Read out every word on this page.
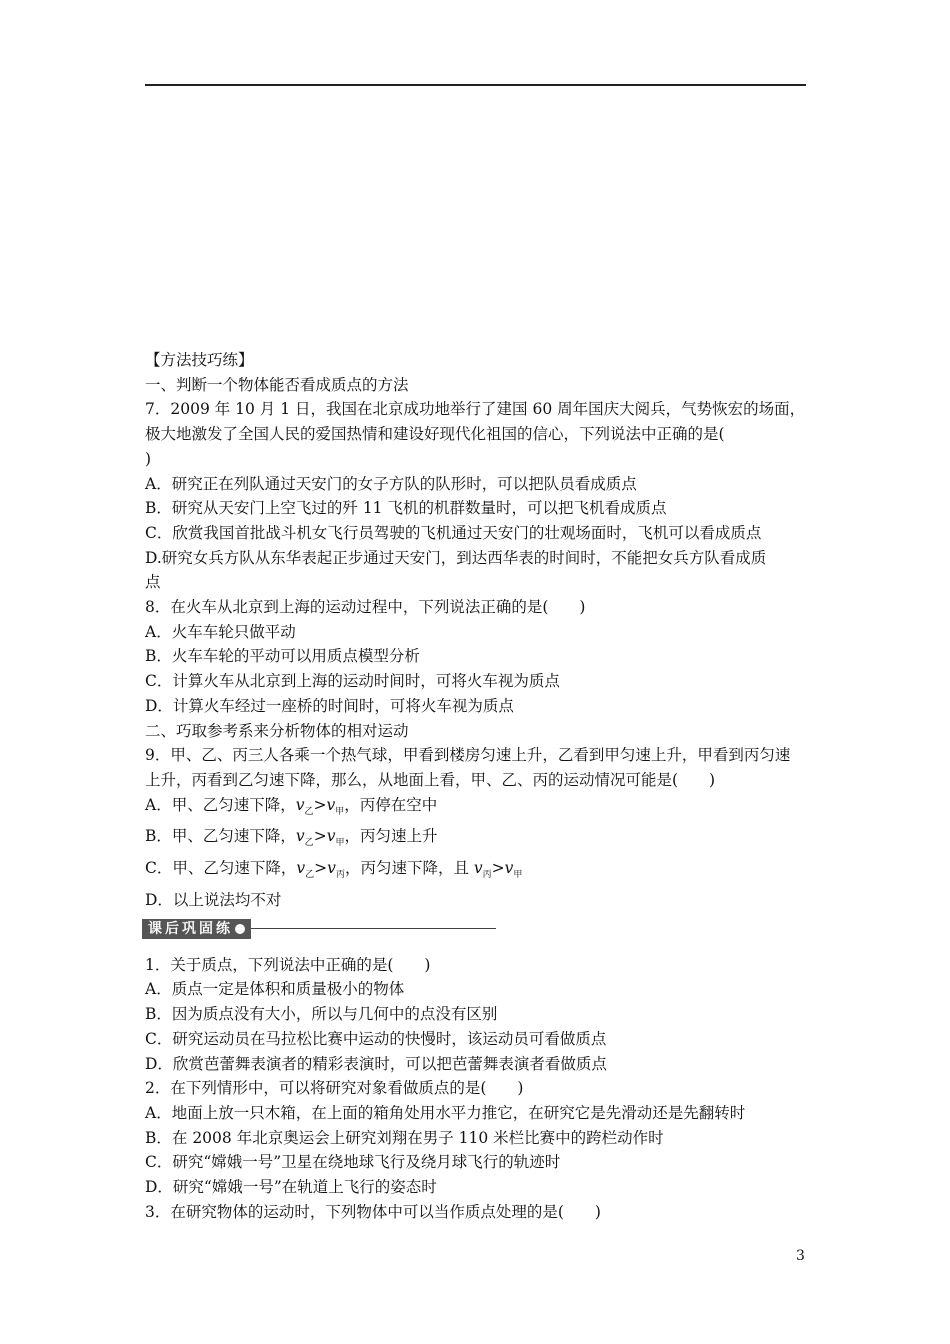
【方法技巧练】
一、判断一个物体能否看成质点的方法
7．2009 年 10 月 1 日，我国在北京成功地举行了建国 60 周年国庆大阅兵，气势恢宏的场面，
极大地激发了全国人民的爱国热情和建设好现代化祖国的信心，下列说法中正确的是(
)
A．研究正在列队通过天安门的女子方队的队形时，可以把队员看成质点
B．研究从天安门上空飞过的歼 11 飞机的机群数量时，可以把飞机看成质点
C．欣赏我国首批战斗机女飞行员驾驶的飞机通过天安门的壮观场面时，飞机可以看成质点
D.研究女兵方队从东华表起正步通过天安门，到达西华表的时间时，不能把女兵方队看成质
点
8．在火车从北京到上海的运动过程中，下列说法正确的是(　　)
A．火车车轮只做平动
B．火车车轮的平动可以用质点模型分析
C．计算火车从北京到上海的运动时间时，可将火车视为质点
D．计算火车经过一座桥的时间时，可将火车视为质点
二、巧取参考系来分析物体的相对运动
9．甲、乙、丙三人各乘一个热气球，甲看到楼房匀速上升，乙看到甲匀速上升，甲看到丙匀速
上升，丙看到乙匀速下降，那么，从地面上看，甲、乙、丙的运动情况可能是(　　)
A．甲、乙匀速下降，$v_乙>v_甲$，丙停在空中
B．甲、乙匀速下降，$v_乙>v_甲$，丙匀速上升
C．甲、乙匀速下降，$v_乙>v_丙$，丙匀速下降，且 $v_丙>v_甲$
D．以上说法均不对
课后巩固练
1．关于质点，下列说法中正确的是(　　)
A．质点一定是体积和质量极小的物体
B．因为质点没有大小，所以与几何中的点没有区别
C．研究运动员在马拉松比赛中运动的快慢时，该运动员可看做质点
D．欣赏芭蕾舞表演者的精彩表演时，可以把芭蕾舞表演者看做质点
2．在下列情形中，可以将研究对象看做质点的是(　　)
A．地面上放一只木箱，在上面的箱角处用水平力推它，在研究它是先滑动还是先翻转时
B．在 2008 年北京奥运会上研究刘翔在男子 110 米栏比赛中的跨栏动作时
C．研究“嫦娥一号”卫星在绕地球飞行及绕月球飞行的轨迹时
D．研究“嫦娥一号”在轨道上飞行的姿态时
3．在研究物体的运动时，下列物体中可以当作质点处理的是(　　)
3
